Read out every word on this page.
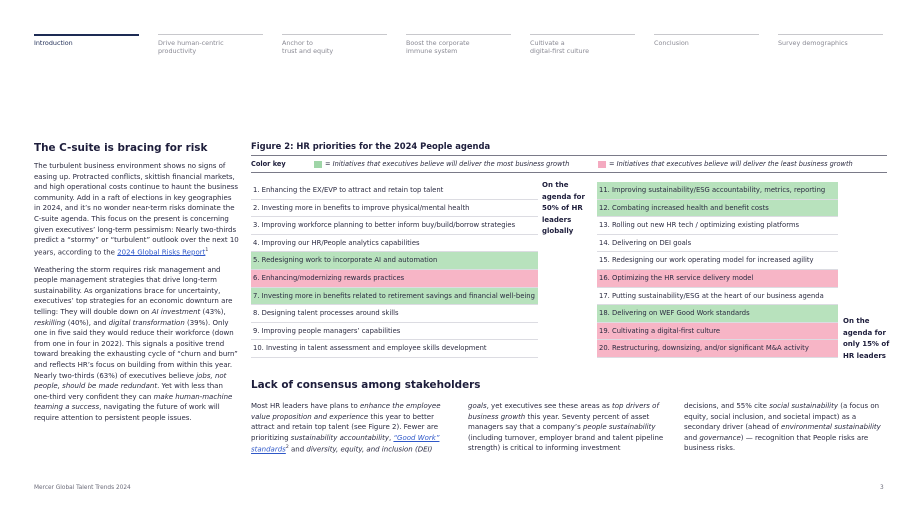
Introduction	Drive human-centric
productivity
Anchor to
trust and equity
Boost the corporate
immune system
Cultivate a
digital-first culture
Conclusion	Survey demographics
The C-suite is bracing for risk

The turbulent business environment shows no signs of easing up. Protracted conflicts, skittish financial markets, and high operational costs continue to haunt the business community. Add in a raft of elections in key geographies in 2024, and it’s no wonder near-term risks dominate the C-suite agenda. This focus on the present is concerning given executives’ long-term pessimism: Nearly two-thirds predict a “stormy” or “turbulent” outlook over the next 10 years, according to the 2024 Global Risks Report$^1$

Weathering the storm requires risk management and people management strategies that drive long-term sustainability. As organizations brace for uncertainty, executives’ top strategies for an economic downturn are telling: They will double down on AI investment (43%), reskilling (40%), and digital transformation (39%). Only one in five said they would reduce their workforce (down from one in four in 2022). This signals a positive trend toward breaking the exhausting cycle of “churn and burn” and reflects HR’s focus on building from within this year. Nearly two-thirds (63%) of executives believe jobs, not people, should be made redundant. Yet with less than one-third very confident they can make human-machine teaming a success, navigating the future of work will require attention to persistent people issues.

Figure 2: HR priorities for the 2024 People agenda
Color key	= Initiatives that executives believe will deliver the most business growth	= Initiatives that executives believe will deliver the least business growth
1. Enhancing the EX/EVP to attract and retain top talent
2. Investing more in benefits to improve physical/mental health
3. Improving workforce planning to better inform buy/build/borrow strategies
4. Improving our HR/People analytics capabilities
5. Redesigning work to incorporate AI and automation
6. Enhancing/modernizing rewards practices
7. Investing more in benefits related to retirement savings and financial well-being
8. Designing talent processes around skills
9. Improving people managers’ capabilities
10. Investing in talent assessment and employee skills development
On the agenda for 50% of HR leaders globally
11. Improving sustainability/ESG accountability, metrics, reporting
12. Combating increased health and benefit costs
13. Rolling out new HR tech / optimizing existing platforms
14. Delivering on DEI goals
15. Redesigning our work operating model for increased agility
16. Optimizing the HR service delivery model
17. Putting sustainability/ESG at the heart of our business agenda
18. Delivering on WEF Good Work standards
19. Cultivating a digital-first culture
20. Restructuring, downsizing, and/or significant M&A activity
On the agenda for only 15% of HR leaders
Lack of consensus among stakeholders
Most HR leaders have plans to enhance the employee value proposition and experience this year to better attract and retain top talent (see Figure 2). Fewer are prioritizing sustainability accountability, “Good Work” standards$^2$ and diversity, equity, and inclusion (DEI)
goals, yet executives see these areas as top drivers of business growth this year. Seventy percent of asset managers say that a company’s people sustainability (including turnover, employer brand and talent pipeline strength) is critical to informing investment
decisions, and 55% cite social sustainability (a focus on equity, social inclusion, and societal impact) as a secondary driver (ahead of environmental sustainability and governance) — recognition that People risks are business risks.
Mercer Global Talent Trends 2024	3
